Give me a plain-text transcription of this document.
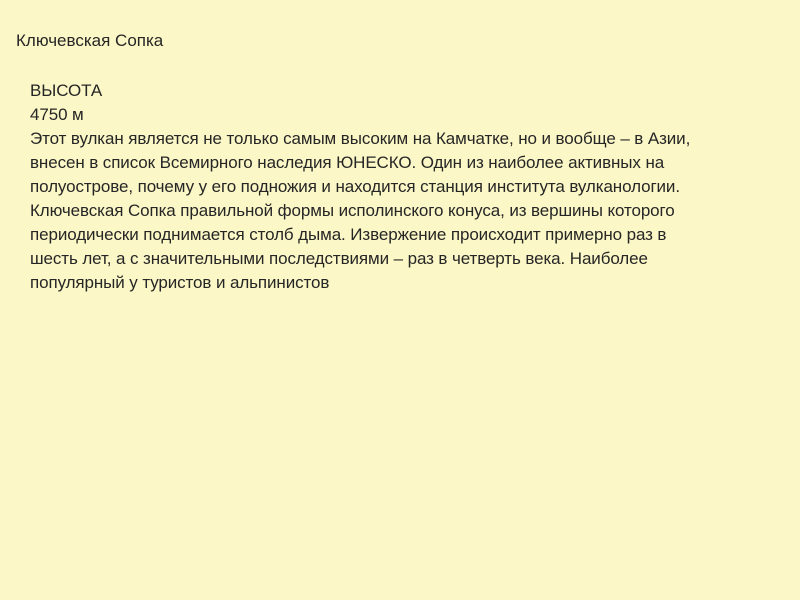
Ключевская Сопка
ВЫСОТА
4750 м
Этот вулкан является не только самым высоким на Камчатке, но и вообще – в Азии,
внесен в список Всемирного наследия ЮНЕСКО. Один из наиболее активных на
полуострове, почему у его подножия и находится станция института вулканологии.
Ключевская Сопка правильной формы исполинского конуса, из вершины которого
периодически поднимается столб дыма. Извержение происходит примерно раз в
шесть лет, а с значительными последствиями – раз в четверть века. Наиболее
популярный у туристов и альпинистов
